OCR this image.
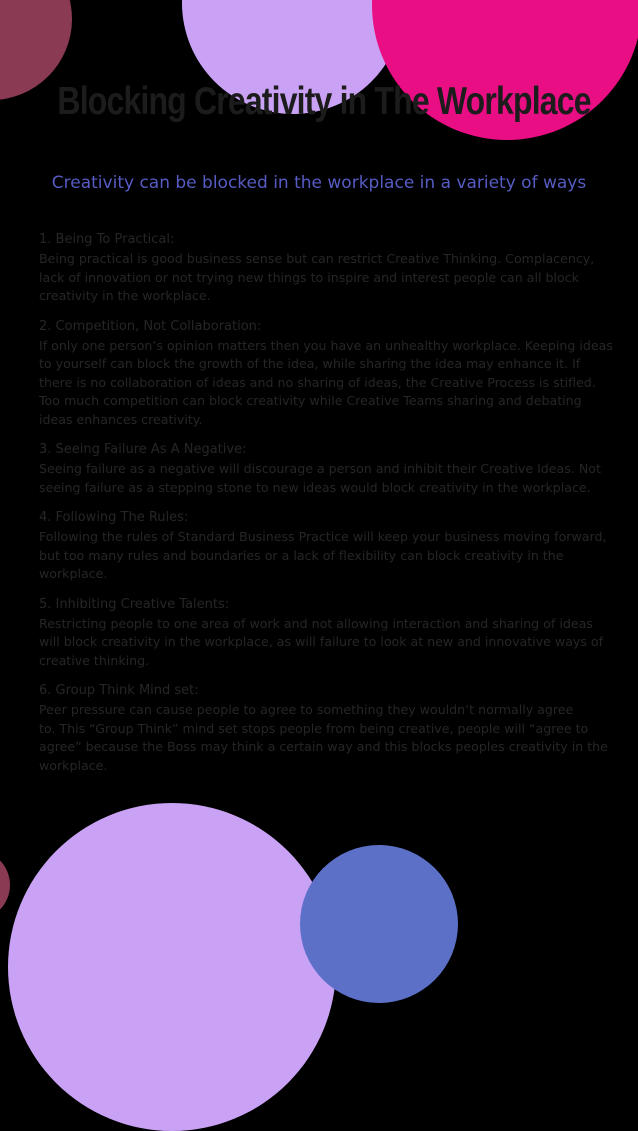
Blocking Creativity in The Workplace
Creativity can be blocked in the workplace in a variety of ways
1. Being To Practical:
Being practical is good business sense but can restrict Creative Thinking. Complacency,
lack of innovation or not trying new things to inspire and interest people can all block
creativity in the workplace.
2. Competition, Not Collaboration:
If only one person’s opinion matters then you have an unhealthy workplace. Keeping ideas
to yourself can block the growth of the idea, while sharing the idea may enhance it. If
there is no collaboration of ideas and no sharing of ideas, the Creative Process is stifled.
Too much competition can block creativity while Creative Teams sharing and debating
ideas enhances creativity.
3. Seeing Failure As A Negative:
Seeing failure as a negative will discourage a person and inhibit their Creative Ideas. Not
seeing failure as a stepping stone to new ideas would block creativity in the workplace.
4. Following The Rules:
Following the rules of Standard Business Practice will keep your business moving forward,
but too many rules and boundaries or a lack of flexibility can block creativity in the
workplace.
5. Inhibiting Creative Talents:
Restricting people to one area of work and not allowing interaction and sharing of ideas
will block creativity in the workplace, as will failure to look at new and innovative ways of
creative thinking.
6. Group Think Mind set:
Peer pressure can cause people to agree to something they wouldn’t normally agree
to. This “Group Think” mind set stops people from being creative, people will “agree to
agree” because the Boss may think a certain way and this blocks peoples creativity in the
workplace.
